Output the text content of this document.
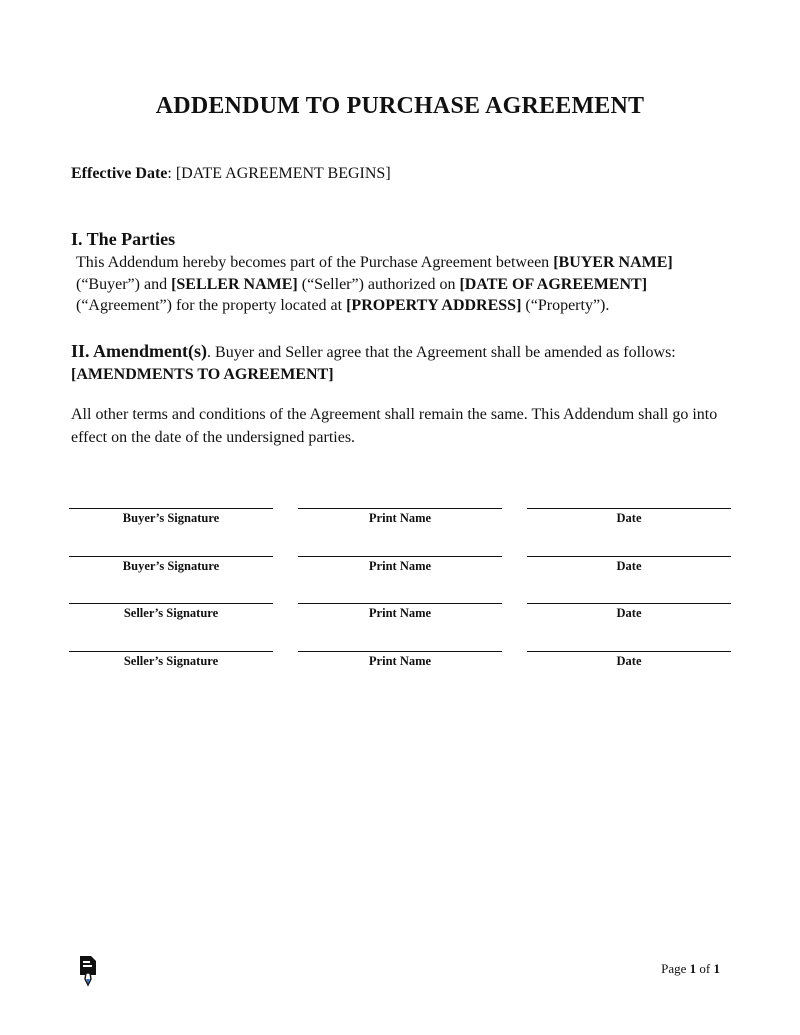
ADDENDUM TO PURCHASE AGREEMENT
Effective Date: [DATE AGREEMENT BEGINS]
I. The Parties
This Addendum hereby becomes part of the Purchase Agreement between [BUYER NAME](“Buyer”) and [SELLER NAME] (“Seller”) authorized on [DATE OF AGREEMENT] (“Agreement”) for the property located at [PROPERTY ADDRESS] (“Property”).
II. Amendment(s). Buyer and Seller agree that the Agreement shall be amended as follows:
[AMENDMENTS TO AGREEMENT]
All other terms and conditions of the Agreement shall remain the same. This Addendum shall go into effect on the date of the undersigned parties.
Buyer’s Signature	Print Name	Date
Buyer’s Signature	Print Name	Date
Seller’s Signature	Print Name	Date
Seller’s Signature	Print Name	Date
Page 1 of 1
